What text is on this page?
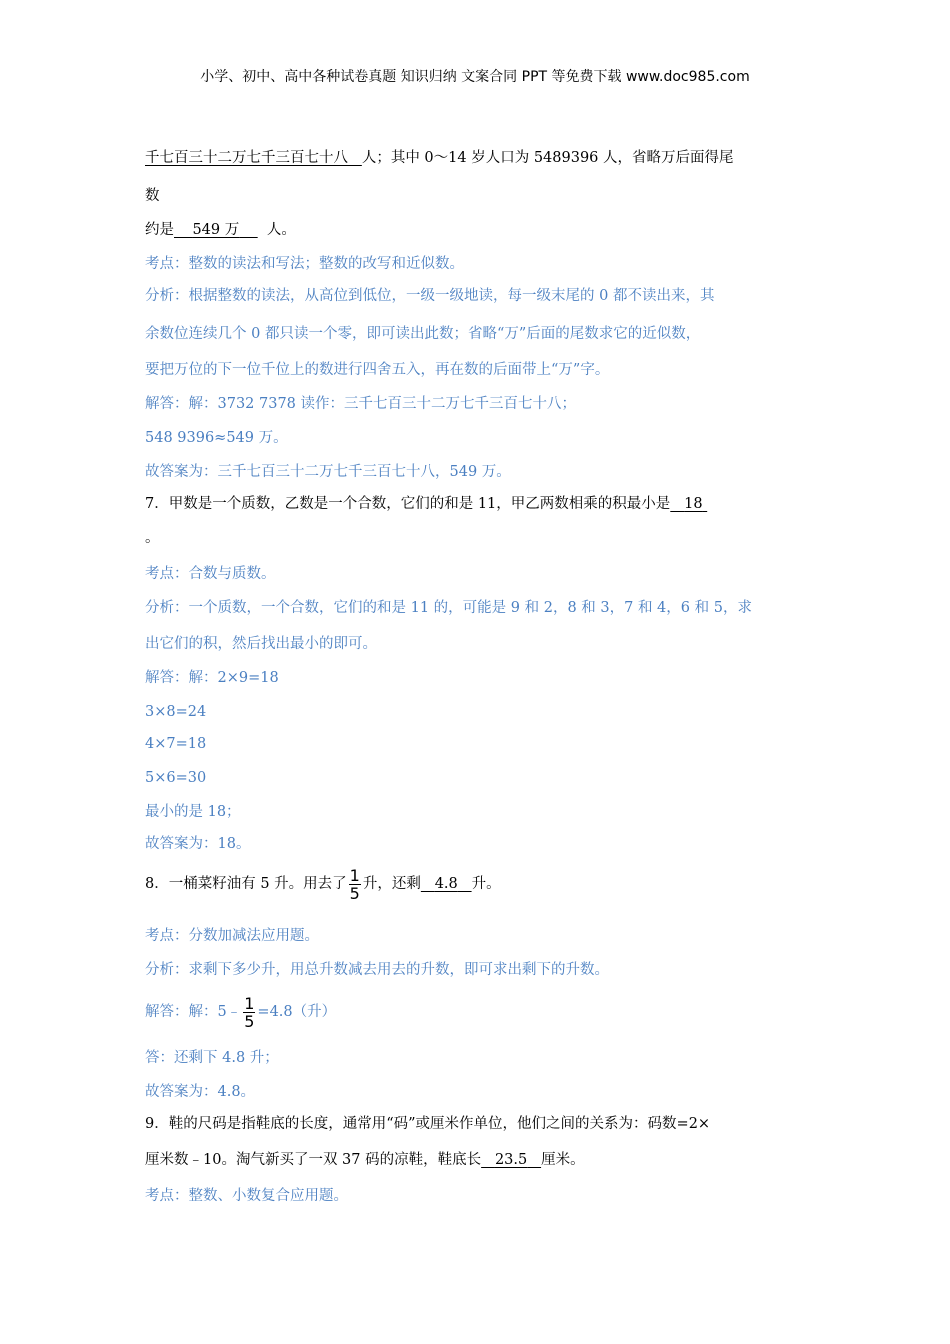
小学、初中、高中各种试卷真题 知识归纳 文案合同 PPT 等免费下载 www.doc985.com
千七百三十二万七千三百七十八 人；其中 0～14 岁人口为 5489396 人，省略万后面得尾
数
约是 549 万 人。
考点：整数的读法和写法；整数的改写和近似数。
分析：根据整数的读法，从高位到低位，一级一级地读，每一级末尾的 0 都不读出来，其
余数位连续几个 0 都只读一个零，即可读出此数；省略“万”后面的尾数求它的近似数，
要把万位的下一位千位上的数进行四舍五入，再在数的后面带上“万”字。
解答：解：3732 7378 读作：三千七百三十二万七千三百七十八；
548 9396≈549 万。
故答案为：三千七百三十二万七千三百七十八，549 万。
7．甲数是一个质数，乙数是一个合数，它们的和是 11，甲乙两数相乘的积最小是 18
。
考点：合数与质数。
分析：一个质数，一个合数，它们的和是 11 的，可能是 9 和 2，8 和 3，7 和 4，6 和 5，求
出它们的积，然后找出最小的即可。
解答：解：2×9=18
3×8=24
4×7=18
5×6=30
最小的是 18；
故答案为：18。
8．一桶菜籽油有 5 升。用去了 $\frac{1}{5}$ 升，还剩 4.8 升。
考点：分数加减法应用题。
分析：求剩下多少升，用总升数减去用去的升数，即可求出剩下的升数。
解答：解：5﹣ $\frac{1}{5} =4.8$（升）
答：还剩下 4.8 升；
故答案为：4.8。
9．鞋的尺码是指鞋底的长度，通常用“码”或厘米作单位，他们之间的关系为：码数=2×
厘米数﹣10。淘气新买了一双 37 码的凉鞋，鞋底长 23.5 厘米。
考点：整数、小数复合应用题。
